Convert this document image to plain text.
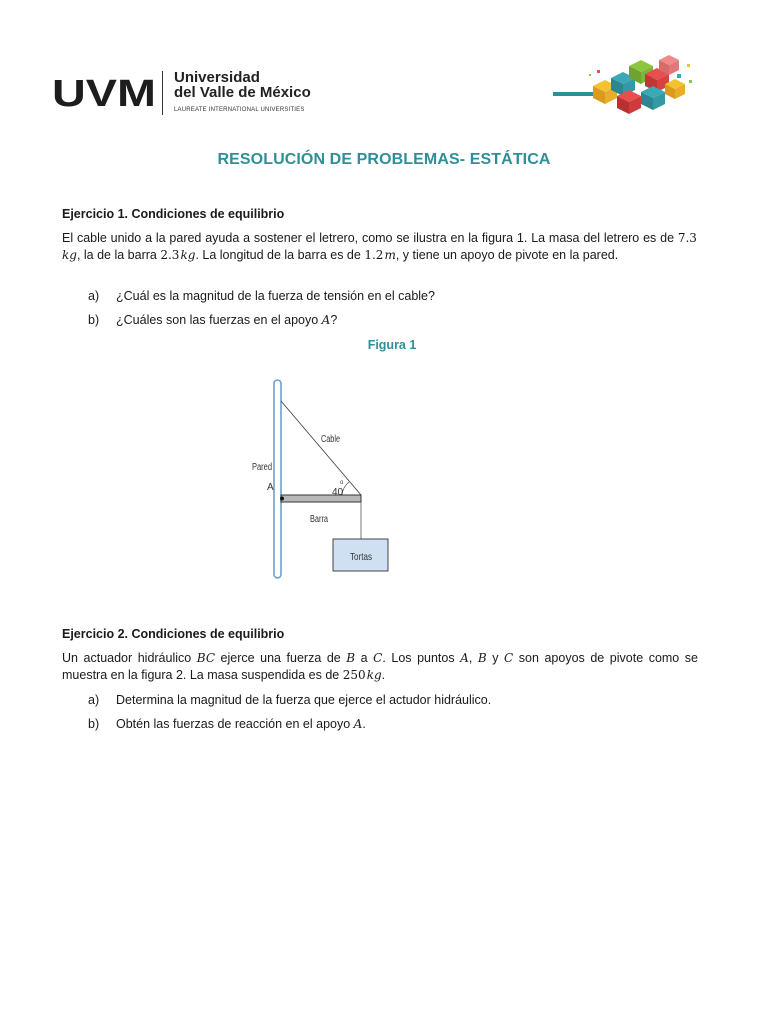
UVM Universidad
del Valle de México
LAUREATE INTERNATIONAL UNIVERSITIES
RESOLUCIÓN DE PROBLEMAS- ESTÁTICA
Ejercicio 1. Condiciones de equilibrio
El cable unido a la pared ayuda a sostener el letrero, como se ilustra en la figura 1. La masa del letrero es de 7.3 kg, la de la barra 2.3 kg. La longitud de la barra es de 1.2 m, y tiene un apoyo de pivote en la pared.
a) ¿Cuál es la magnitud de la fuerza de tensión en el cable?
b) ¿Cuáles son las fuerzas en el apoyo A?
Figura 1
Cable
Pared
A	40
o
Barra
Tortas
Ejercicio 2. Condiciones de equilibrio
Un actuador hidráulico BC ejerce una fuerza de B a C. Los puntos A, B y C son apoyos de pivote como se muestra en la figura 2. La masa suspendida es de 250 kg.
a) Determina la magnitud de la fuerza que ejerce el actudor hidráulico.
b) Obtén las fuerzas de reacción en el apoyo A.
